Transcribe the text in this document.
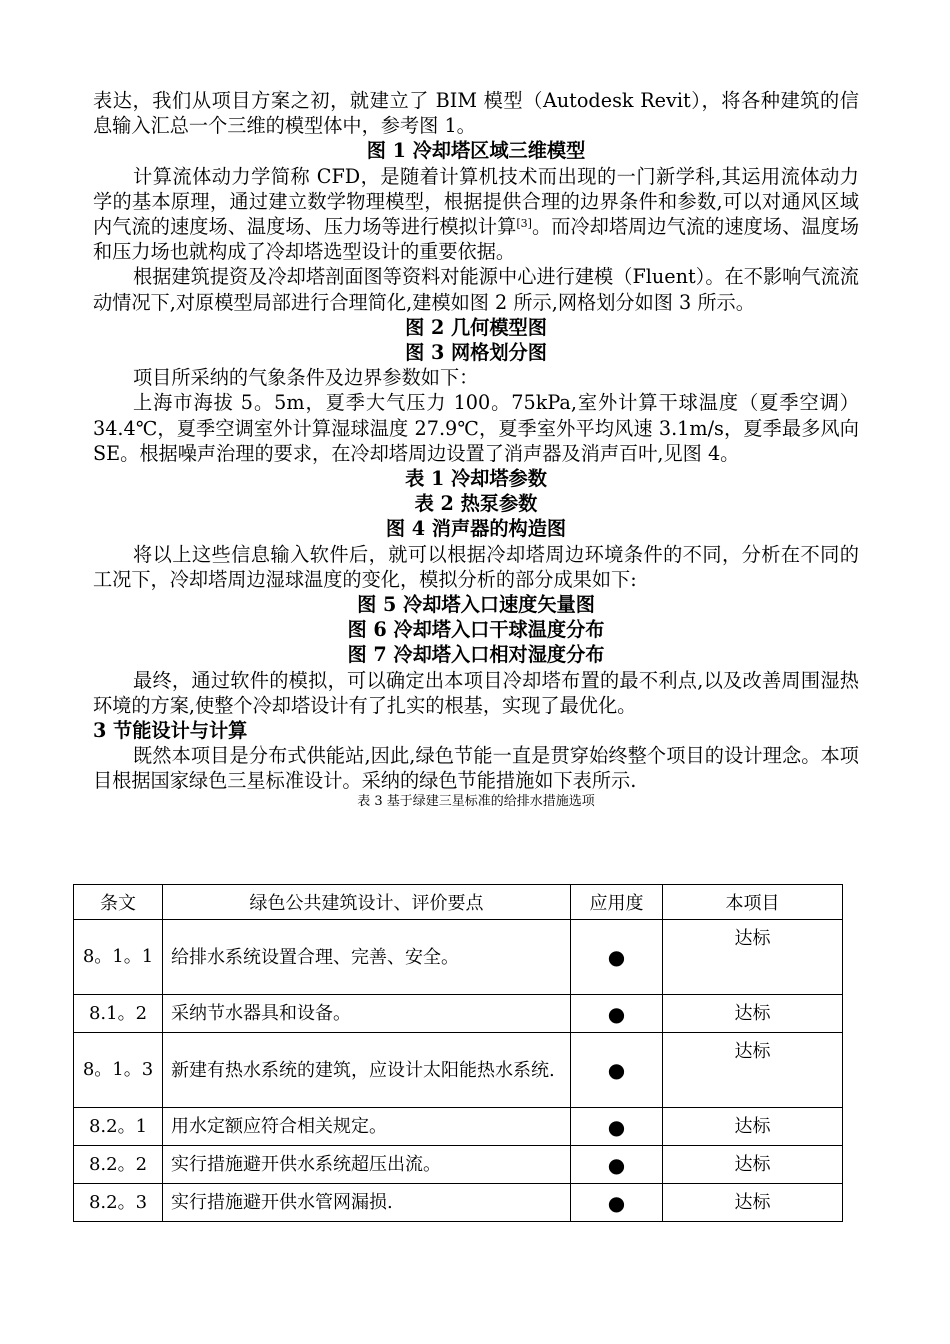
表达，我们从项目方案之初，就建立了 BIM 模型（Autodesk Revit），将各种建筑的信息输入汇总一个三维的模型体中，参考图 1。

图 1 冷却塔区域三维模型

计算流体动力学简称 CFD，是随着计算机技术而出现的一门新学科,其运用流体动力学的基本原理，通过建立数学物理模型，根据提供合理的边界条件和参数,可以对通风区域内气流的速度场、温度场、压力场等进行模拟计算[3]。而冷却塔周边气流的速度场、温度场和压力场也就构成了冷却塔选型设计的重要依据。

根据建筑提资及冷却塔剖面图等资料对能源中心进行建模（Fluent）。在不影响气流流动情况下,对原模型局部进行合理简化,建模如图 2 所示,网格划分如图 3 所示。

图 2 几何模型图
图 3 网格划分图

项目所采纳的气象条件及边界参数如下：

上海市海拔 5。5m，夏季大气压力 100。75kPa,室外计算干球温度（夏季空调）34.4℃，夏季空调室外计算湿球温度 27.9℃，夏季室外平均风速 3.1m/s，夏季最多风向 SE。根据噪声治理的要求，在冷却塔周边设置了消声器及消声百叶,见图 4。

表 1 冷却塔参数
表 2 热泵参数
图 4 消声器的构造图

将以上这些信息输入软件后，就可以根据冷却塔周边环境条件的不同，分析在不同的工况下，冷却塔周边湿球温度的变化，模拟分析的部分成果如下:

图 5 冷却塔入口速度矢量图
图 6 冷却塔入口干球温度分布
图 7 冷却塔入口相对湿度分布

最终，通过软件的模拟，可以确定出本项目冷却塔布置的最不利点,以及改善周围湿热环境的方案,使整个冷却塔设计有了扎实的根基，实现了最优化。

3 节能设计与计算

既然本项目是分布式供能站,因此,绿色节能一直是贯穿始终整个项目的设计理念。本项目根据国家绿色三星标准设计。采纳的绿色节能措施如下表所示.

表 3 基于绿建三星标准的给排水措施选项
条文	绿色公共建筑设计、评价要点	应用度	本项目
8。1。1	给排水系统设置合理、完善、安全。	●	达标
8.1。2	采纳节水器具和设备。	●	达标
8。1。3	新建有热水系统的建筑，应设计太阳能热水系统.	●	达标
8.2。1	用水定额应符合相关规定。	●	达标
8.2。2	实行措施避开供水系统超压出流。	●	达标
8.2。3	实行措施避开供水管网漏损.	●	达标
